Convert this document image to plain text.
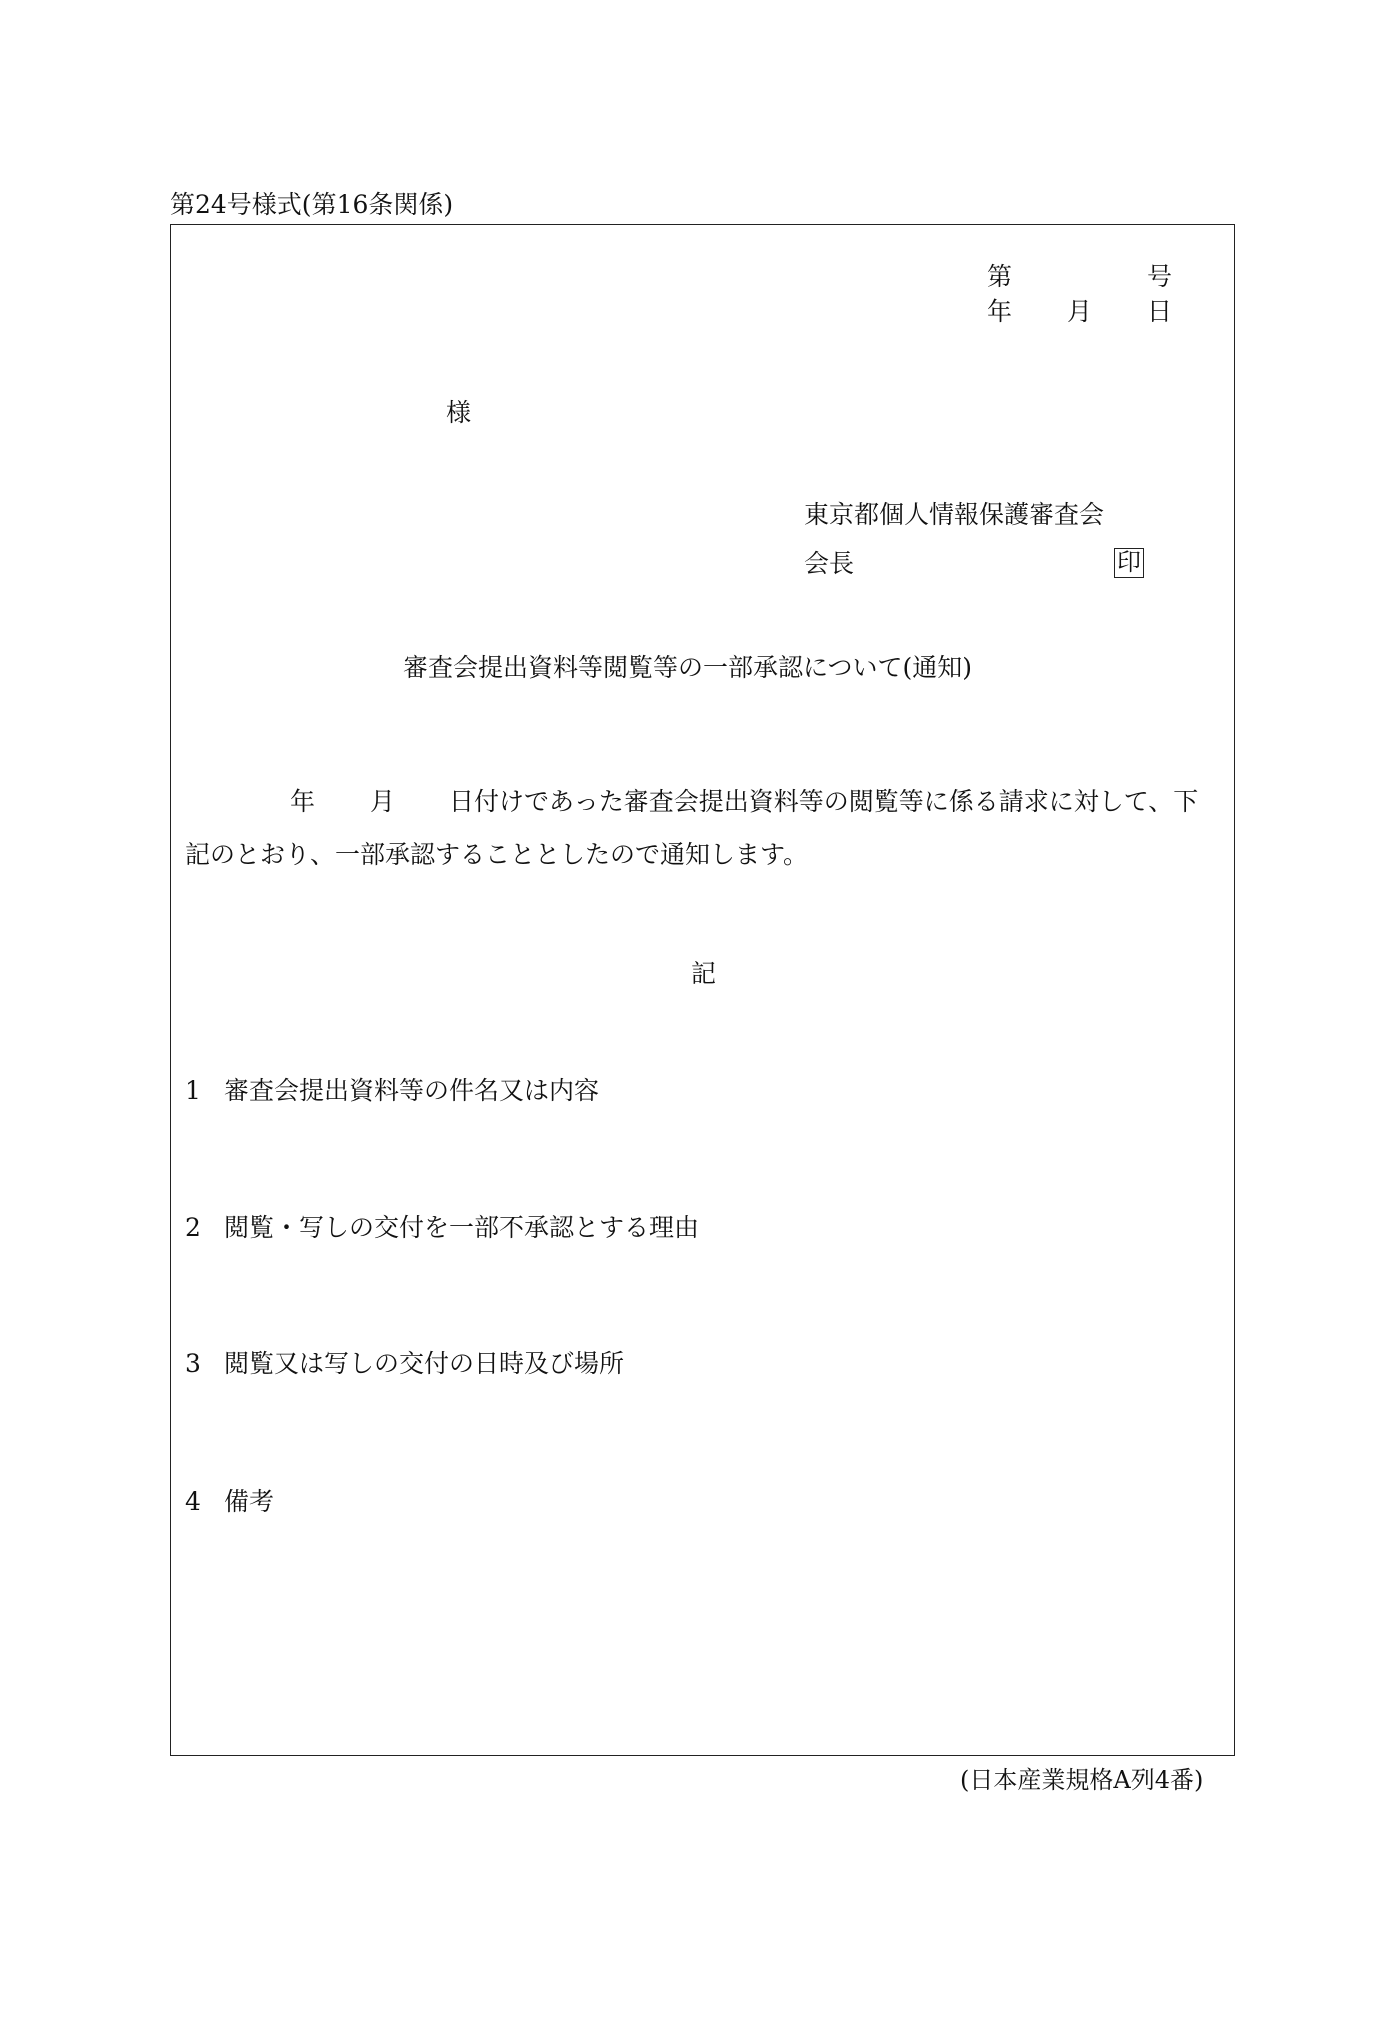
第24号様式(第16条関係)
第	号
年 月 日
様
東京都個人情報保護審査会
会長	印
審査会提出資料等閲覧等の一部承認について(通知)
年 月 日付けであった審査会提出資料等の閲覧等に係る請求に対して、下
記のとおり、一部承認することとしたので通知します。
記
1 審査会提出資料等の件名又は内容
2 閲覧・写しの交付を一部不承認とする理由
3 閲覧又は写しの交付の日時及び場所
4 備考
(日本産業規格A列4番)
